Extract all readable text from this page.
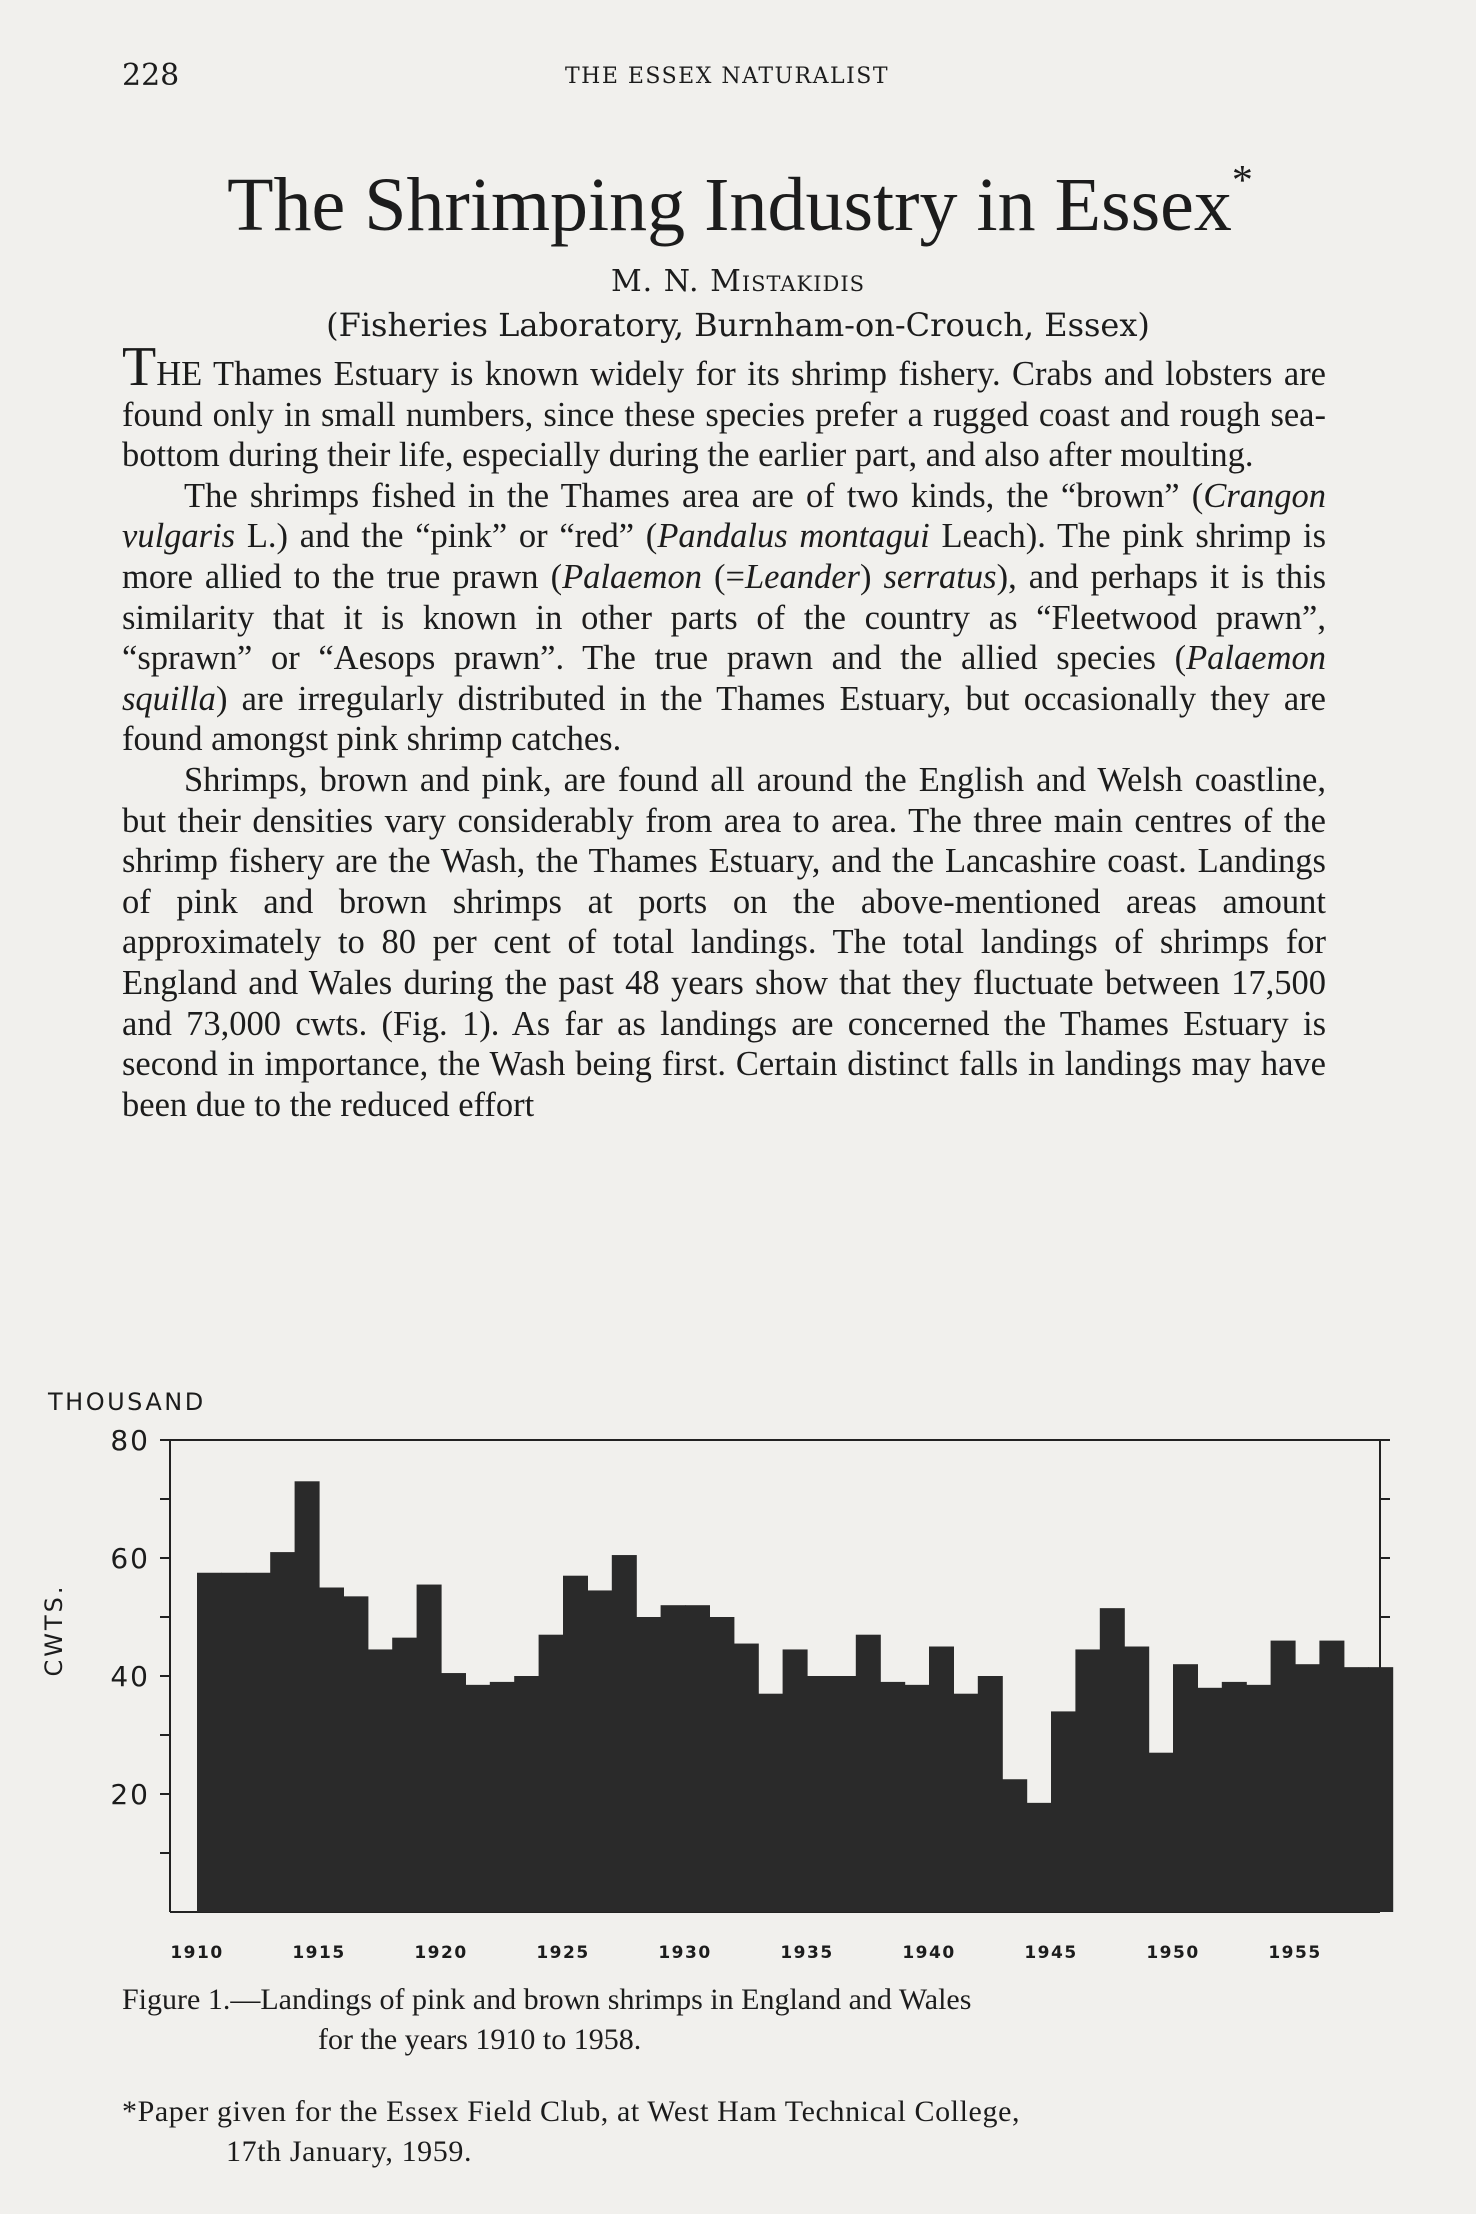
228	THE ESSEX NATURALIST
The Shrimping Industry in Essex*
M. N. Mistakidis
(Fisheries Laboratory, Burnham-on-Crouch, Essex)

THE Thames Estuary is known widely for its shrimp fishery. Crabs and lobsters are found only in small numbers, since these species prefer a rugged coast and rough sea-bottom during their life, especially during the earlier part, and also after moulting.

The shrimps fished in the Thames area are of two kinds, the “brown” (Crangon vulgaris L.) and the “pink” or “red” (Pandalus montagui Leach). The pink shrimp is more allied to the true prawn (Palaemon (=Leander) serratus), and perhaps it is this similarity that it is known in other parts of the country as “Fleetwood prawn”, “sprawn” or “Aesops prawn”. The true prawn and the allied species (Palaemon squilla) are irregularly distributed in the Thames Estuary, but occasionally they are found amongst pink shrimp catches.

Shrimps, brown and pink, are found all around the English and Welsh coastline, but their densities vary considerably from area to area. The three main centres of the shrimp fishery are the Wash, the Thames Estuary, and the Lancashire coast. Landings of pink and brown shrimps at ports on the above-mentioned areas amount approximately to 80 per cent of total landings. The total landings of shrimps for England and Wales during the past 48 years show that they fluctuate between 17,500 and 73,000 cwts. (Fig. 1). As far as landings are concerned the Thames Estuary is second in importance, the Wash being first. Certain distinct falls in landings may have been due to the reduced effort

20
40
60
80
THOUSAND
CWTS.
1910	1915	1920	1925	1930	1935	1940	1945	1950	1955
Figure 1.—Landings of pink and brown shrimps in England and Wales
for the years 1910 to 1958.
*Paper given for the Essex Field Club, at West Ham Technical College,
17th January, 1959.
